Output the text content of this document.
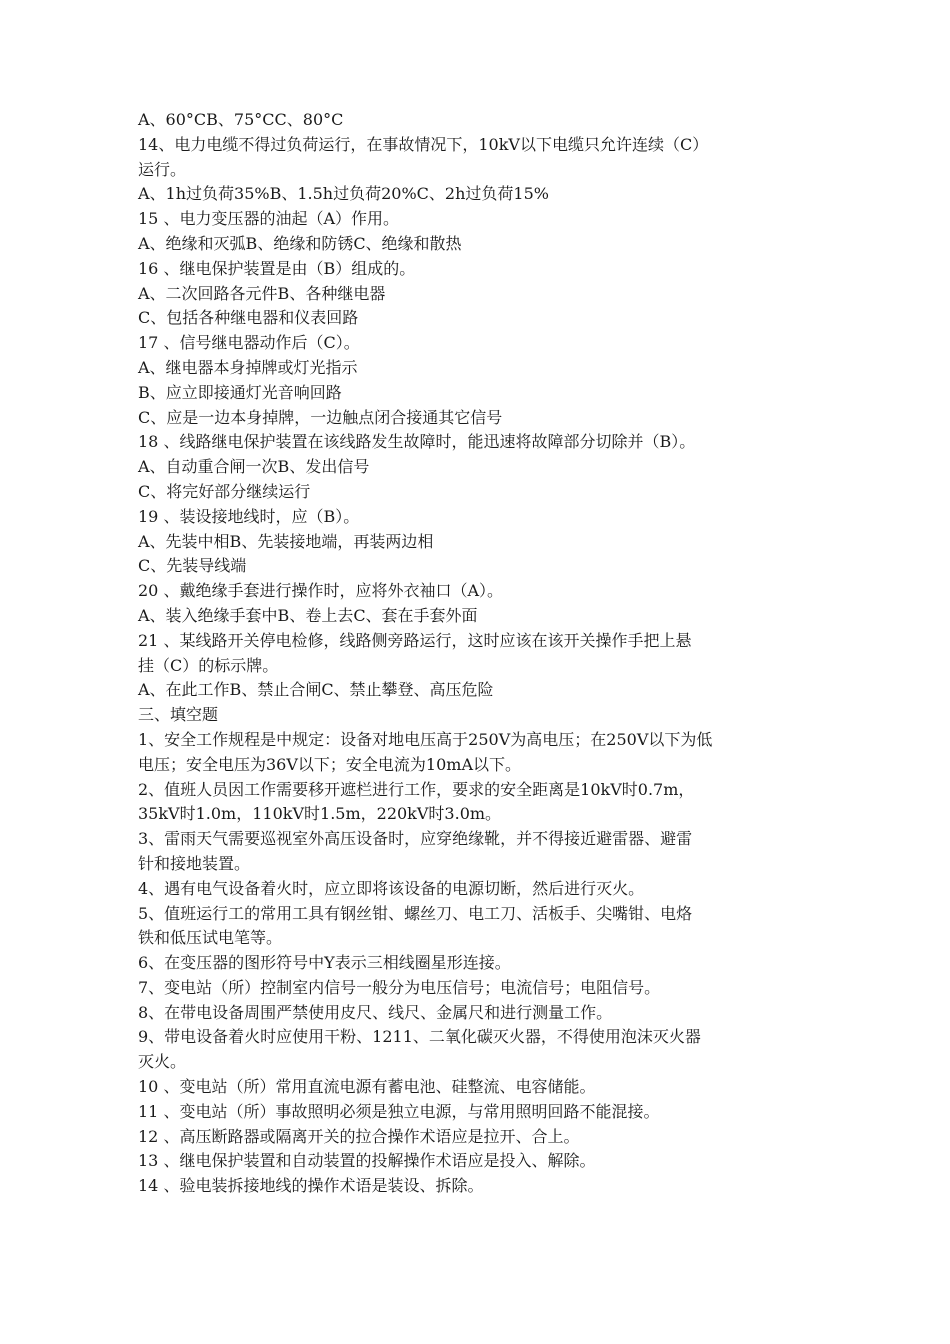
A、60°CB、75°CC、80°C

14、电力电缆不得过负荷运行，在事故情况下，10kV以下电缆只允许连续（C）

运行。

A、1h过负荷35%B、1.5h过负荷20%C、2h过负荷15%

15 、电力变压器的油起（A）作用。

A、绝缘和灭弧B、绝缘和防锈C、绝缘和散热

16 、继电保护装置是由（B）组成的。

A、二次回路各元件B、各种继电器

C、包括各种继电器和仪表回路

17 、信号继电器动作后（C）。

A、继电器本身掉牌或灯光指示

B、应立即接通灯光音响回路

C、应是一边本身掉牌，一边触点闭合接通其它信号

18 、线路继电保护装置在该线路发生故障时，能迅速将故障部分切除并（B）。

A、自动重合闸一次B、发出信号

C、将完好部分继续运行

19 、装设接地线时，应（B）。

A、先装中相B、先装接地端，再装两边相

C、先装导线端

20 、戴绝缘手套进行操作时，应将外衣袖口（A）。

A、装入绝缘手套中B、卷上去C、套在手套外面

21 、某线路开关停电检修，线路侧旁路运行，这时应该在该开关操作手把上悬

挂（C）的标示牌。

A、在此工作B、禁止合闸C、禁止攀登、高压危险

三、填空题

1、安全工作规程是中规定：设备对地电压高于250V为高电压；在250V以下为低

电压；安全电压为36V以下；安全电流为10mA以下。

2、值班人员因工作需要移开遮栏进行工作，要求的安全距离是10kV时0.7m，

35kV时1.0m，110kV时1.5m，220kV时3.0m。

3、雷雨天气需要巡视室外高压设备时，应穿绝缘靴，并不得接近避雷器、避雷

针和接地装置。

4、遇有电气设备着火时，应立即将该设备的电源切断，然后进行灭火。

5、值班运行工的常用工具有钢丝钳、螺丝刀、电工刀、活板手、尖嘴钳、电烙

铁和低压试电笔等。

6、在变压器的图形符号中Y表示三相线圈星形连接。

7、变电站（所）控制室内信号一般分为电压信号；电流信号；电阻信号。

8、在带电设备周围严禁使用皮尺、线尺、金属尺和进行测量工作。

9、带电设备着火时应使用干粉、1211、二氧化碳灭火器，不得使用泡沫灭火器

灭火。

10 、变电站（所）常用直流电源有蓄电池、硅整流、电容储能。

11 、变电站（所）事故照明必须是独立电源，与常用照明回路不能混接。

12 、高压断路器或隔离开关的拉合操作术语应是拉开、合上。

13 、继电保护装置和自动装置的投解操作术语应是投入、解除。

14 、验电装拆接地线的操作术语是装设、拆除。
